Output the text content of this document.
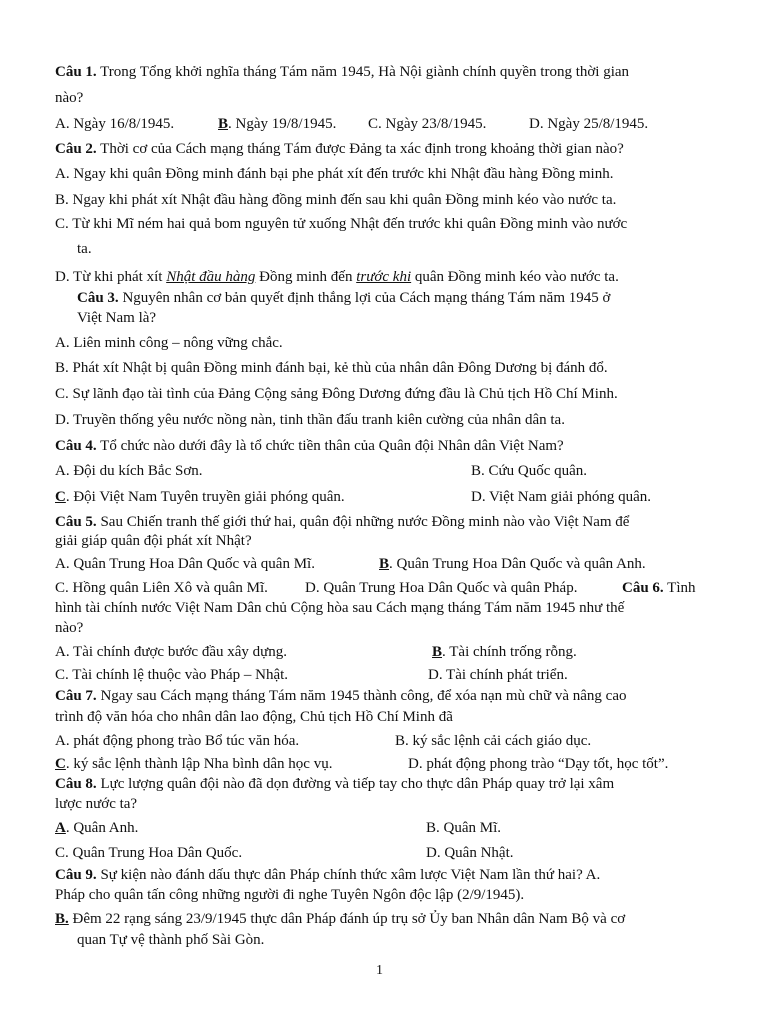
Câu 1. Trong Tổng khởi nghĩa tháng Tám năm 1945, Hà Nội giành chính quyền trong thời gian
nào?
A. Ngày 16/8/1945.	B. Ngày 19/8/1945. C. Ngày 23/8/1945.	D. Ngày 25/8/1945.
Câu 2. Thời cơ của Cách mạng tháng Tám được Đảng ta xác định trong khoảng thời gian nào?
A. Ngay khi quân Đồng minh đánh bại phe phát xít đến trước khi Nhật đầu hàng Đồng minh.
B. Ngay khi phát xít Nhật đầu hàng đồng minh đến sau khi quân Đồng minh kéo vào nước ta.
C. Từ khi Mĩ ném hai quả bom nguyên tử xuống Nhật đến trước khi quân Đồng minh vào nước
ta.
D. Từ khi phát xít Nhật đầu hàng Đồng minh đến trước khi quân Đồng minh kéo vào nước ta.
Câu 3. Nguyên nhân cơ bản quyết định thắng lợi của Cách mạng tháng Tám năm 1945 ở
Việt Nam là?
A. Liên minh công – nông vững chắc.
B. Phát xít Nhật bị quân Đồng minh đánh bại, kẻ thù của nhân dân Đông Dương bị đánh đổ.
C. Sự lãnh đạo tài tình của Đảng Cộng sảng Đông Dương đứng đầu là Chủ tịch Hồ Chí Minh.
D. Truyền thống yêu nước nồng nàn, tinh thần đấu tranh kiên cường của nhân dân ta.
Câu 4. Tổ chức nào dưới đây là tổ chức tiền thân của Quân đội Nhân dân Việt Nam?
A. Đội du kích Bắc Sơn.	B. Cứu Quốc quân.
C. Đội Việt Nam Tuyên truyền giải phóng quân.	D. Việt Nam giải phóng quân.
Câu 5. Sau Chiến tranh thế giới thứ hai, quân đội những nước Đồng minh nào vào Việt Nam để
giải giáp quân đội phát xít Nhật?
A. Quân Trung Hoa Dân Quốc và quân Mĩ.	B. Quân Trung Hoa Dân Quốc và quân Anh.
C. Hồng quân Liên Xô và quân Mĩ. D. Quân Trung Hoa Dân Quốc và quân Pháp.	Câu 6. Tình
hình tài chính nước Việt Nam Dân chủ Cộng hòa sau Cách mạng tháng Tám năm 1945 như thế
nào?
A. Tài chính được bước đầu xây dựng.	B. Tài chính trống rỗng.
C. Tài chính lệ thuộc vào Pháp – Nhật.	D. Tài chính phát triển.
Câu 7. Ngay sau Cách mạng tháng Tám năm 1945 thành công, để xóa nạn mù chữ và nâng cao
trình độ văn hóa cho nhân dân lao động, Chủ tịch Hồ Chí Minh đã
A. phát động phong trào Bổ túc văn hóa.	B. ký sắc lệnh cải cách giáo dục.
C. ký sắc lệnh thành lập Nha bình dân học vụ.	D. phát động phong trào “Dạy tốt, học tốt”.
Câu 8. Lực lượng quân đội nào đã dọn đường và tiếp tay cho thực dân Pháp quay trở lại xâm
lược nước ta?
A. Quân Anh.	B. Quân Mĩ.
C. Quân Trung Hoa Dân Quốc.	D. Quân Nhật.
Câu 9. Sự kiện nào đánh dấu thực dân Pháp chính thức xâm lược Việt Nam lần thứ hai? A.
Pháp cho quân tấn công những người đi nghe Tuyên Ngôn độc lập (2/9/1945).
B. Đêm 22 rạng sáng 23/9/1945 thực dân Pháp đánh úp trụ sở Ủy ban Nhân dân Nam Bộ và cơ
quan Tự vệ thành phố Sài Gòn.
1
